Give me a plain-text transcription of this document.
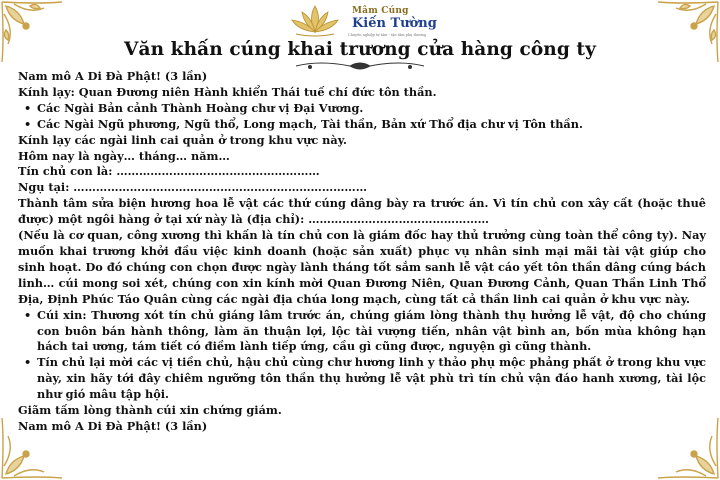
Mâm Cúng
Kiến Tường
Chuyên nghiệp tự tâm - tận tâm phụ thương
Văn khấn cúng khai trương cửa hàng công ty

Nam mô A Di Đà Phật! (3 lần)

Kính lạy: Quan Đương niên Hành khiển Thái tuế chí đức tôn thần.

• Các Ngài Bản cảnh Thành Hoàng chư vị Đại Vương.
• Các Ngài Ngũ phương, Ngũ thổ, Long mạch, Tài thần, Bản xứ Thổ địa chư vị Tôn thần.

Kính lạy các ngài linh cai quản ở trong khu vực này.

Hôm nay là ngày… tháng… năm…

Tín chủ con là: ………………………………………………

Ngụ tại: ……………………………………………………………………

Thành tâm sửa biện hương hoa lễ vật các thứ cúng dâng bày ra trước án. Vì tín chủ con xây cất (hoặc thuê được) một ngôi hàng ở tại xứ này là (địa chỉ): …………………………………………

(Nếu là cơ quan, công xương thì khấn là tín chủ con là giám đốc hay thủ trưởng cùng toàn thể công ty). Nay muốn khai trương khởi đầu việc kinh doanh (hoặc sản xuất) phục vụ nhân sinh mại mãi tài vật giúp cho sinh hoạt. Do đó chúng con chọn được ngày lành tháng tốt sắm sanh lễ vật cáo yết tôn thần dâng cúng bách linh… cúi mong soi xét, chúng con xin kính mời Quan Đương Niên, Quan Đương Cảnh, Quan Thần Linh Thổ Địa, Định Phúc Táo Quân cùng các ngài địa chúa long mạch, cùng tất cả thần linh cai quản ở khu vực này.

• Cúi xin: Thương xót tín chủ giáng lâm trước án, chúng giám lòng thành thụ hưởng lễ vật, độ cho chúng con buôn bán hành thông, làm ăn thuận lợi, lộc tài vượng tiến, nhân vật bình an, bốn mùa không hạn hách tai ương, tám tiết có điềm lành tiếp ứng, cầu gì cũng được, nguyện gì cũng thành.
• Tín chủ lại mời các vị tiền chủ, hậu chủ cùng chư hương linh y thảo phụ mộc phảng phất ở trong khu vực này, xin hãy tới đây chiêm ngưỡng tôn thần thụ hưởng lễ vật phù trì tín chủ vận đáo hanh xương, tài lộc như gió mâu tập hội.

Giãm tấm lòng thành cúi xin chứng giám.

Nam mô A Di Đà Phật! (3 lần)
